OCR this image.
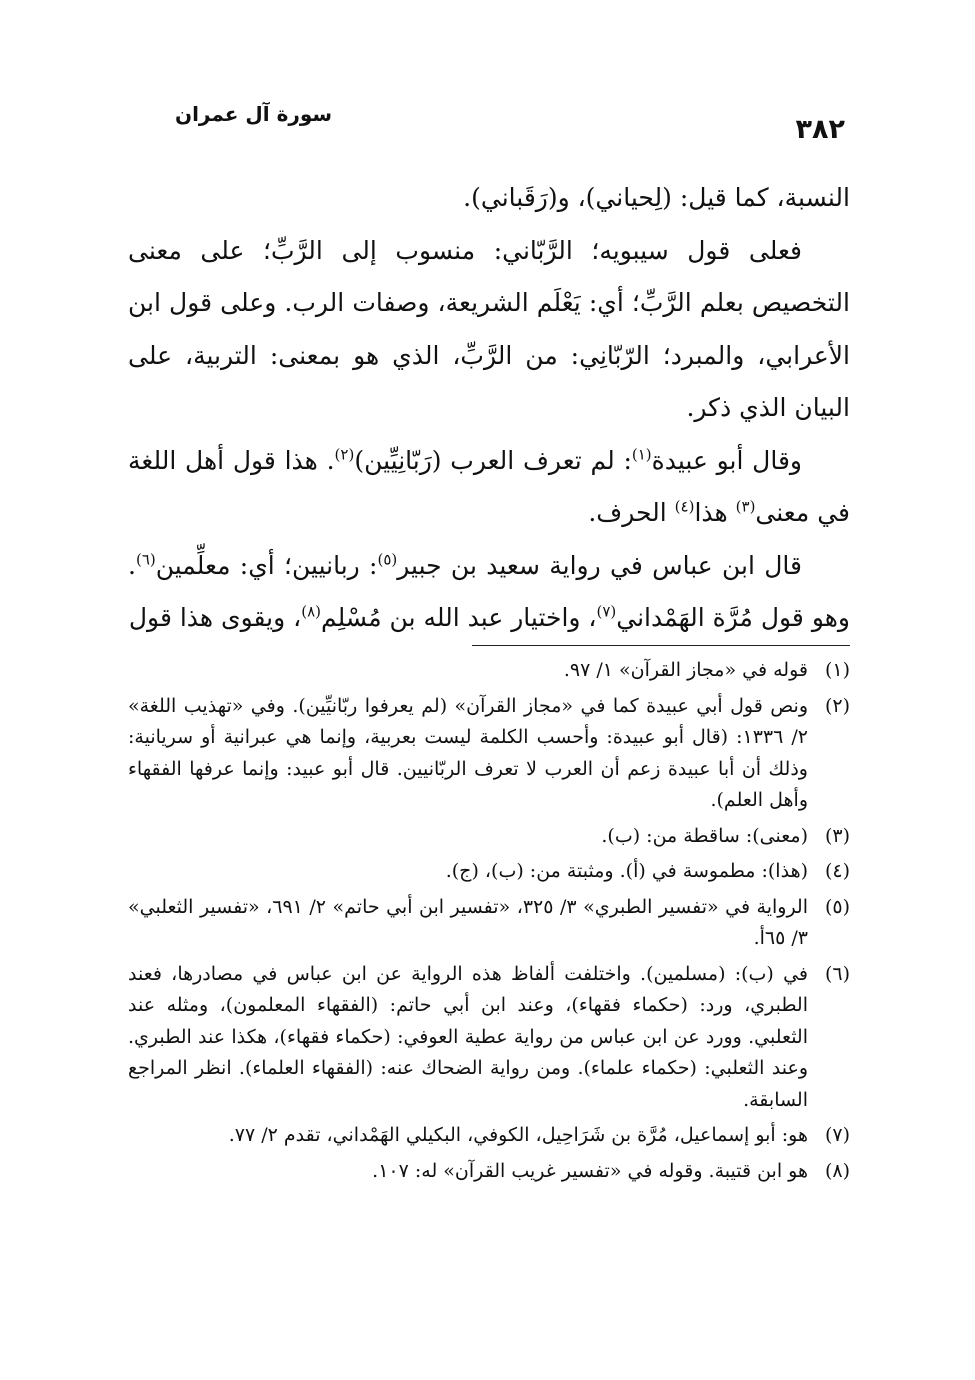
٣٨٢
سورة آل عمران

النسبة، كما قيل: (لِحياني)، و(رَقَباني).

فعلى قول سيبويه؛ الرَّبّاني: منسوب إلى الرَّبِّ؛ على معنى التخصيص بعلم الرَّبِّ؛ أي: يَعْلَم الشريعة، وصفات الرب. وعلى قول ابن الأعرابي، والمبرد؛ الرّبّانِي: من الرَّبِّ، الذي هو بمعنى: التربية، على البيان الذي ذكر.

وقال أبو عبيدة$^{(١)}$: لم تعرف العرب (رَبّانِيِّين)$^{(٢)}$. هذا قول أهل اللغة في معنى$^{(٣)}$ هذا$^{(٤)}$ الحرف.

قال ابن عباس في رواية سعيد بن جبير$^{(٥)}$: ربانيين؛ أي: معلِّمين$^{(٦)}$. وهو قول مُرَّة الهَمْداني$^{(٧)}$، واختيار عبد الله بن مُسْلِم$^{(٨)}$، ويقوى هذا قول

(١)
قوله في «مجاز القرآن» ١/ ٩٧.
(٢)
ونص قول أبي عبيدة كما في «مجاز القرآن» (لم يعرفوا ربّانيِّين). وفي «تهذيب اللغة» ٢/ ١٣٣٦: (قال أبو عبيدة: وأحسب الكلمة ليست بعربية، وإنما هي عبرانية أو سريانية: وذلك أن أبا عبيدة زعم أن العرب لا تعرف الربّانيين. قال أبو عبيد: وإنما عرفها الفقهاء وأهل العلم).
(٣)
(معنى): ساقطة من: (ب).
(٤)
(هذا): مطموسة في (أ). ومثبتة من: (ب)، (ج).
(٥)
الرواية في «تفسير الطبري» ٣/ ٣٢٥، «تفسير ابن أبي حاتم» ٢/ ٦٩١، «تفسير الثعلبي» ٣/ ٦٥أ.
(٦)
في (ب): (مسلمين). واختلفت ألفاظ هذه الرواية عن ابن عباس في مصادرها، فعند الطبري، ورد: (حكماء فقهاء)، وعند ابن أبي حاتم: (الفقهاء المعلمون)، ومثله عند الثعلبي. وورد عن ابن عباس من رواية عطية العوفي: (حكماء فقهاء)، هكذا عند الطبري. وعند الثعلبي: (حكماء علماء). ومن رواية الضحاك عنه: (الفقهاء العلماء). انظر المراجع السابقة.
(٧)
هو: أبو إسماعيل، مُرَّة بن شَرَاحِيل، الكوفي، البكيلي الهَمْداني، تقدم ٢/ ٧٧.
(٨)
هو ابن قتيبة. وقوله في «تفسير غريب القرآن» له: ١٠٧.
